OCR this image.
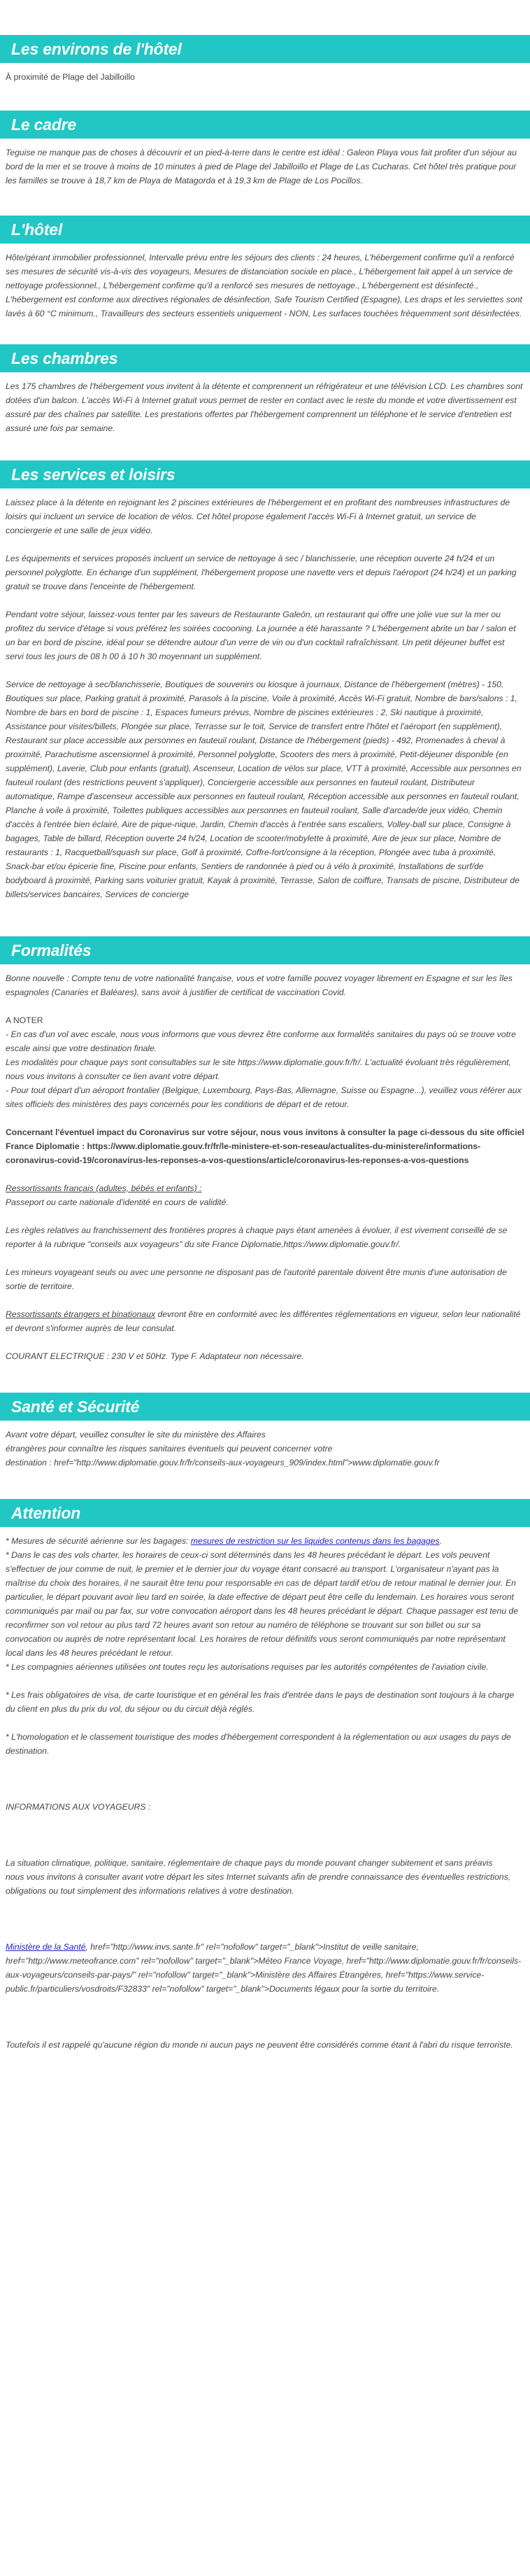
Les environs de l'hôtel

À proximité de Plage del Jabilloillo

Le cadre

Teguise ne manque pas de choses à découvrir et un pied-à-terre dans le centre est idéal : Galeon Playa vous fait profiter d'un séjour au bord de la mer et se trouve à moins de 10 minutes à pied de Plage del Jabilloillo et Plage de Las Cucharas. Cet hôtel très pratique pour les familles se trouve à 18,7 km de Playa de Matagorda et à 19,3 km de Plage de Los Pocillos.

L'hôtel

Hôte/gérant immobilier professionnel, Intervalle prévu entre les séjours des clients : 24 heures, L'hébergement confirme qu'il a renforcé ses mesures de sécurité vis-à-vis des voyageurs, Mesures de distanciation sociale en place., L'hébergement fait appel à un service de nettoyage professionnel., L'hébergement confirme qu'il a renforcé ses mesures de nettoyage., L'hébergement est désinfecté., L'hébergement est conforme aux directives régionales de désinfection, Safe Tourism Certified (Espagne), Les draps et les serviettes sont lavés à 60 °C minimum., Travailleurs des secteurs essentiels uniquement - NON, Les surfaces touchées fréquemment sont désinfectées.

Les chambres

Les 175 chambres de l'hébergement vous invitent à la détente et comprennent un réfrigérateur et une télévision LCD. Les chambres sont dotées d'un balcon. L'accès Wi-Fi à Internet gratuit vous permet de rester en contact avec le reste du monde et votre divertissement est assuré par des chaînes par satellite. Les prestations offertes par l'hébergement comprennent un téléphone et le service d'entretien est assuré une fois par semaine.

Les services et loisirs

Laissez place à la détente en rejoignant les 2 piscines extérieures de l'hébergement et en profitant des nombreuses infrastructures de loisirs qui incluent un service de location de vélos. Cet hôtel propose également l'accès Wi-Fi à Internet gratuit, un service de conciergerie et une salle de jeux vidéo.

Les équipements et services proposés incluent un service de nettoyage à sec / blanchisserie, une réception ouverte 24 h/24 et un personnel polyglotte. En échange d'un supplément, l'hébergement propose une navette vers et depuis l'aéroport (24 h/24) et un parking gratuit se trouve dans l'enceinte de l'hébergement.

Pendant votre séjour, laissez-vous tenter par les saveurs de Restaurante Galeón, un restaurant qui offre une jolie vue sur la mer ou profitez du service d'étage si vous préférez les soirées cocooning. La journée a été harassante ? L'hébergement abrite un bar / salon et un bar en bord de piscine, idéal pour se détendre autour d'un verre de vin ou d'un cocktail rafraîchissant. Un petit déjeuner buffet est servi tous les jours de 08 h 00 à 10 h 30 moyennant un supplément.

Service de nettoyage à sec/blanchisserie, Boutiques de souvenirs ou kiosque à journaux, Distance de l'hébergement (mètres) - 150, Boutiques sur place, Parking gratuit à proximité, Parasols à la piscine, Voile à proximité, Accès Wi-Fi gratuit, Nombre de bars/salons : 1, Nombre de bars en bord de piscine : 1, Espaces fumeurs prévus, Nombre de piscines extérieures : 2, Ski nautique à proximité, Assistance pour visites/billets, Plongée sur place, Terrasse sur le toit, Service de transfert entre l'hôtel et l'aéroport (en supplément), Restaurant sur place accessible aux personnes en fauteuil roulant, Distance de l'hébergement (pieds) - 492, Promenades à cheval à proximité, Parachutisme ascensionnel à proximité, Personnel polyglotte, Scooters des mers à proximité, Petit-déjeuner disponible (en supplément), Laverie, Club pour enfants (gratuit), Ascenseur, Location de vélos sur place, VTT à proximité, Accessible aux personnes en fauteuil roulant (des restrictions peuvent s'appliquer), Conciergerie accessible aux personnes en fauteuil roulant, Distributeur automatique, Rampe d'ascenseur accessible aux personnes en fauteuil roulant, Réception accessible aux personnes en fauteuil roulant, Planche à voile à proximité, Toilettes publiques accessibles aux personnes en fauteuil roulant, Salle d'arcade/de jeux vidéo, Chemin d'accès à l'entrée bien éclairé, Aire de pique-nique, Jardin, Chemin d'accès à l'entrée sans escaliers, Volley-ball sur place, Consigne à bagages, Table de billard, Réception ouverte 24 h/24, Location de scooter/mobylette à proximité, Aire de jeux sur place, Nombre de restaurants : 1, Racquetball/squash sur place, Golf à proximité, Coffre-fort/consigne à la réception, Plongée avec tuba à proximité, Snack-bar et/ou épicerie fine, Piscine pour enfants, Sentiers de randonnée à pied ou à vélo à proximité, Installations de surf/de bodyboard à proximité, Parking sans voiturier gratuit, Kayak à proximité, Terrasse, Salon de coiffure, Transats de piscine, Distributeur de billets/services bancaires, Services de concierge

Formalités

Bonne nouvelle : Compte tenu de votre nationalité française, vous et votre famille pouvez voyager librement en Espagne et sur les îles espagnoles (Canaries et Baléares), sans avoir à justifier de certificat de vaccination Covid.

A NOTER

- En cas d'un vol avec escale, nous vous informons que vous devrez être conforme aux formalités sanitaires du pays où se trouve votre escale ainsi que votre destination finale.

Les modalités pour chaque pays sont consultables sur le site https://www.diplomatie.gouv.fr/fr/. L'actualité évoluant très régulièrement, nous vous invitons à consulter ce lien avant votre départ.

- Pour tout départ d'un aéroport frontalier (Belgique, Luxembourg, Pays-Bas, Allemagne, Suisse ou Espagne...), veuillez vous référer aux sites officiels des ministères des pays concernés pour les conditions de départ et de retour.

Concernant l'éventuel impact du Coronavirus sur votre séjour, nous vous invitons à consulter la page ci-dessous du site officiel France Diplomatie : https://www.diplomatie.gouv.fr/fr/le-ministere-et-son-reseau/actualites-du-ministere/informations-coronavirus-covid-19/coronavirus-les-reponses-a-vos-questions/article/coronavirus-les-reponses-a-vos-questions

Ressortissants français (adultes, bébés et enfants) :

Passeport ou carte nationale d'identité en cours de validité.

Les règles relatives au franchissement des frontières propres à chaque pays étant amenées à évoluer, il est vivement conseillé de se reporter à la rubrique "conseils aux voyageurs" du site France Diplomatie,https://www.diplomatie.gouv.fr/.

Les mineurs voyageant seuls ou avec une personne ne disposant pas de l'autorité parentale doivent être munis d'une autorisation de sortie de territoire.

Ressortissants étrangers et binationaux devront être en conformité avec les différentes réglementations en vigueur, selon leur nationalité et devront s'informer auprès de leur consulat.

COURANT ELECTRIQUE : 230 V et 50Hz. Type F. Adaptateur non nécessaire.

Santé et Sécurité

Avant votre départ, veuillez consulter le site du ministère des Affaires

étrangères pour connaître les risques sanitaires éventuels qui peuvent concerner votre

destination : href="http://www.diplomatie.gouv.fr/fr/conseils-aux-voyageurs_909/index.html">www.diplomatie.gouv.fr

Attention

* Mesures de sécurité aérienne sur les bagages: mesures de restriction sur les liquides contenus dans les bagages.

* Dans le cas des vols charter, les horaires de ceux-ci sont déterminés dans les 48 heures précédant le départ. Les vols peuvent s'effectuer de jour comme de nuit, le premier et le dernier jour du voyage étant consacré au transport. L'organisateur n'ayant pas la maîtrise du choix des horaires, il ne saurait être tenu pour responsable en cas de départ tardif et/ou de retour matinal le dernier jour. En particulier, le départ pouvant avoir lieu tard en soirée, la date effective de départ peut être celle du lendemain. Les horaires vous seront communiqués par mail ou par fax, sur votre convocation aéroport dans les 48 heures précédant le départ. Chaque passager est tenu de reconfirmer son vol retour au plus tard 72 heures avant son retour au numéro de téléphone se trouvant sur son billet ou sur sa convocation ou auprès de notre représentant local. Les horaires de retour définitifs vous seront communiqués par notre représentant local dans les 48 heures précédant le retour.

* Les compagnies aériennes utilisées ont toutes reçu les autorisations requises par les autorités compétentes de l'aviation civile.

* Les frais obligatoires de visa, de carte touristique et en général les frais d'entrée dans le pays de destination sont toujours à la charge du client en plus du prix du vol, du séjour ou du circuit déjà réglés.

* L'homologation et le classement touristique des modes d'hébergement correspondent à la réglementation ou aux usages du pays de destination.

INFORMATIONS AUX VOYAGEURS :

La situation climatique, politique, sanitaire, réglementaire de chaque pays du monde pouvant changer subitement et sans préavis

nous vous invitons à consulter avant votre départ les sites Internet suivants afin de prendre connaissance des éventuelles restrictions, obligations ou tout simplement des informations relatives à votre destination.

Ministère de la Santé, href="http://www.invs.sante.fr" rel="nofollow" target="_blank">Institut de veille sanitaire, href="http://www.meteofrance.com" rel="nofollow" target="_blank">Méteo France Voyage, href="http://www.diplomatie.gouv.fr/fr/conseils-aux-voyageurs/conseils-par-pays/" rel="nofollow" target="_blank">Ministère des Affaires Étrangères, href="https://www.service-public.fr/particuliers/vosdroits/F32833" rel="nofollow" target="_blank">Documents légaux pour la sortie du territoire.

Toutefois il est rappelé qu'aucune région du monde ni aucun pays ne peuvent être considérés comme étant à l'abri du risque terroriste.
